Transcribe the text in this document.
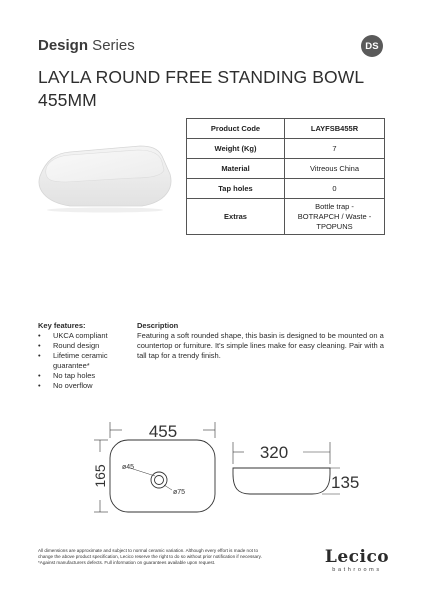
Design Series	DS
LAYLA ROUND FREE STANDING BOWL
455MM
Product Code	LAYFSB455R
Weight (Kg)	7
Material	Vitreous China
Tap holes	0
Extras	Bottle trap -
BOTRAPCH / Waste -
TPOPUNS
Key features:
• UKCA compliant
• Round design
• Lifetime ceramic guarantee*
• No tap holes
• No overflow
Description
Featuring a soft rounded shape, this basin is designed to be mounted on a countertop or furniture. It's simple lines make for easy cleaning. Pair with a tall tap for a trendy finish.
455
165 ø45
ø75
320
135
All dimensions are approximate and subject to normal ceramic variation. Although every effort is made not to
change the above product specification, Lecico reserve the right to do so without prior notification if necessary.
*Against manufacturers defects. Full information on guarantees available upon request.	Lecico
bathrooms
